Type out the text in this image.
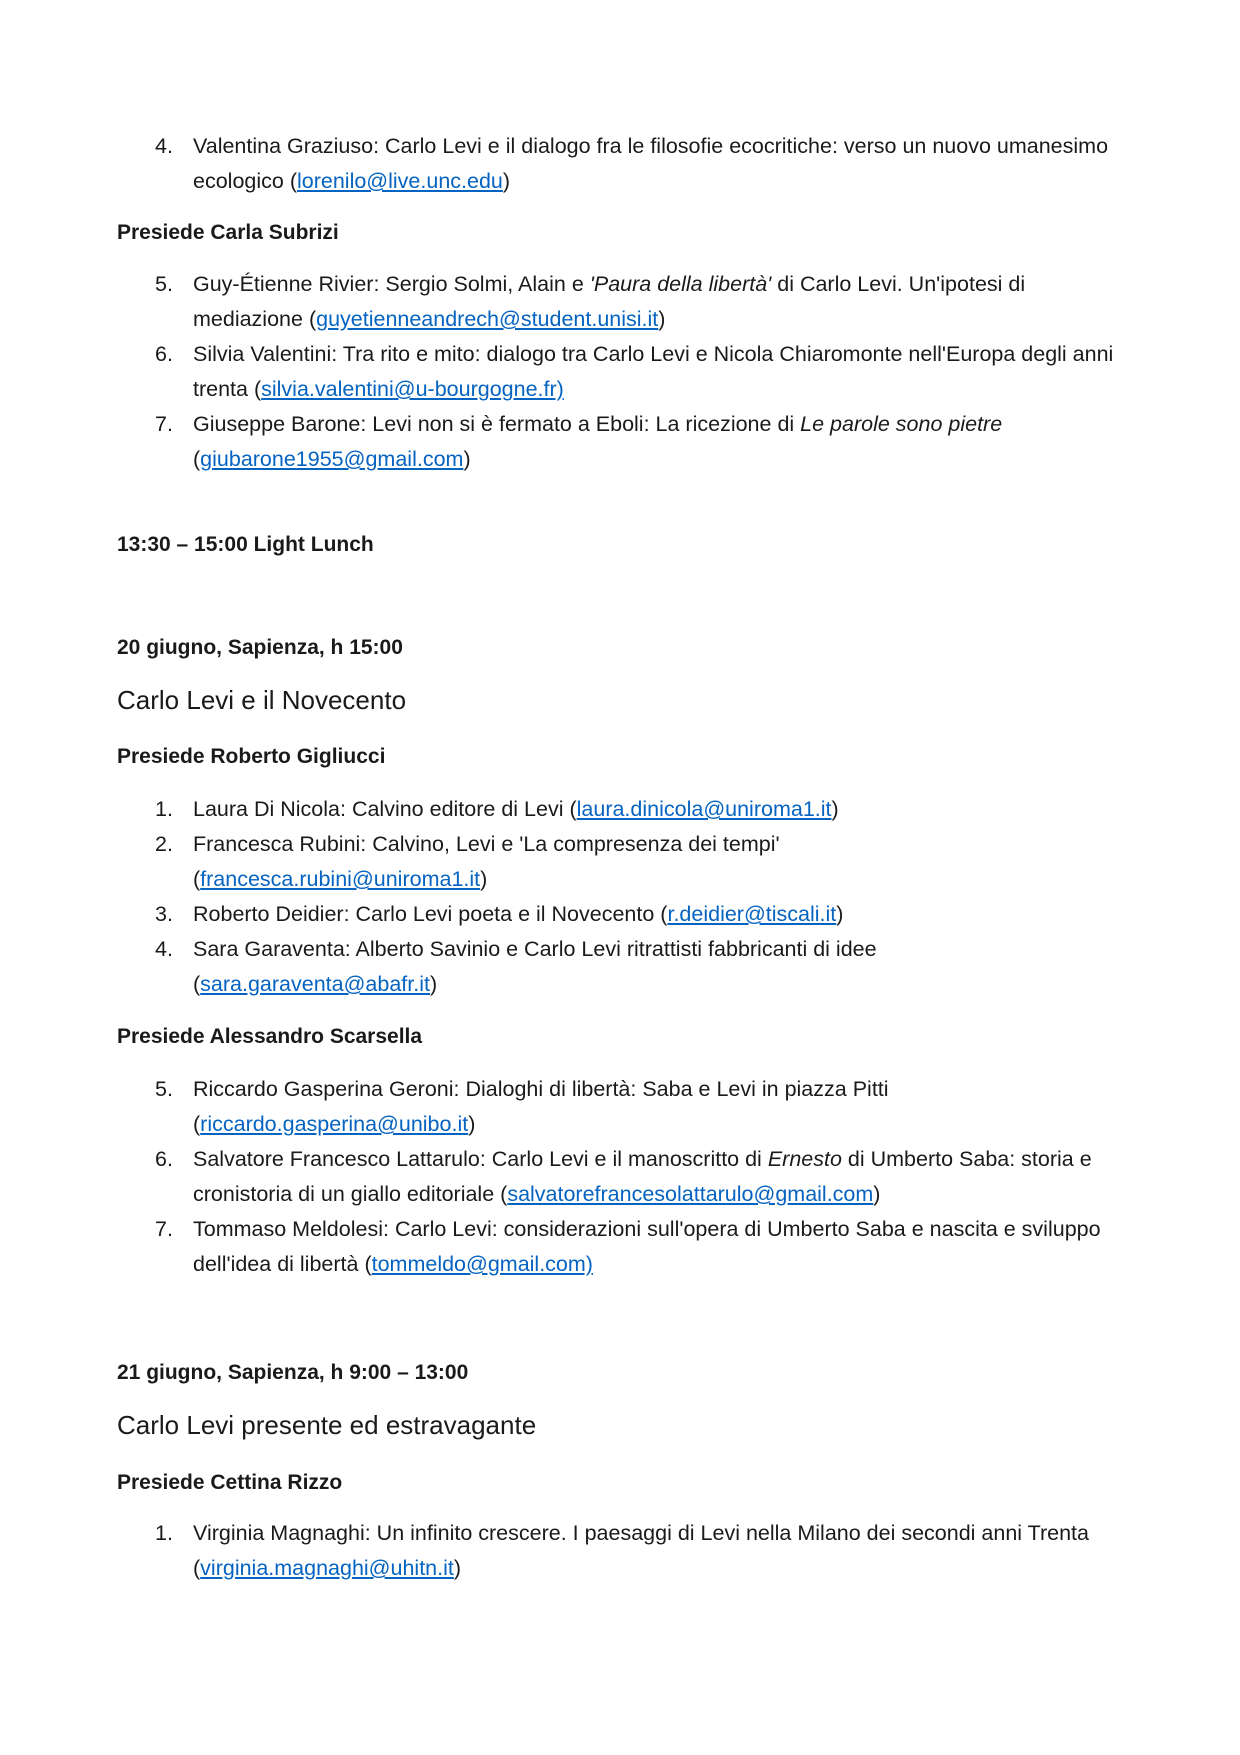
4. Valentina Graziuso: Carlo Levi e il dialogo fra le filosofie ecocritiche: verso un nuovo umanesimo ecologico (lorenilo@live.unc.edu)
Presiede Carla Subrizi
5. Guy-Étienne Rivier: Sergio Solmi, Alain e 'Paura della libertà' di Carlo Levi. Un'ipotesi di mediazione (guyetienneandrech@student.unisi.it)
6. Silvia Valentini: Tra rito e mito: dialogo tra Carlo Levi e Nicola Chiaromonte nell'Europa degli anni trenta (silvia.valentini@u-bourgogne.fr)
7. Giuseppe Barone: Levi non si è fermato a Eboli: La ricezione di Le parole sono pietre
(giubarone1955@gmail.com)
13:30 – 15:00 Light Lunch
20 giugno, Sapienza, h 15:00
Carlo Levi e il Novecento
Presiede Roberto Gigliucci
1. Laura Di Nicola: Calvino editore di Levi (laura.dinicola@uniroma1.it)
2. Francesca Rubini: Calvino, Levi e 'La compresenza dei tempi'
(francesca.rubini@uniroma1.it)
3. Roberto Deidier: Carlo Levi poeta e il Novecento (r.deidier@tiscali.it)
4. Sara Garaventa: Alberto Savinio e Carlo Levi ritrattisti fabbricanti di idee
(sara.garaventa@abafr.it)
Presiede Alessandro Scarsella
5. Riccardo Gasperina Geroni: Dialoghi di libertà: Saba e Levi in piazza Pitti
(riccardo.gasperina@unibo.it)
6. Salvatore Francesco Lattarulo: Carlo Levi e il manoscritto di Ernesto di Umberto Saba: storia e cronistoria di un giallo editoriale (salvatorefrancesolattarulo@gmail.com)
7. Tommaso Meldolesi: Carlo Levi: considerazioni sull'opera di Umberto Saba e nascita e sviluppo dell'idea di libertà (tommeldo@gmail.com)
21 giugno, Sapienza, h 9:00 – 13:00
Carlo Levi presente ed estravagante
Presiede Cettina Rizzo
1. Virginia Magnaghi: Un infinito crescere. I paesaggi di Levi nella Milano dei secondi anni Trenta (virginia.magnaghi@uhitn.it)
